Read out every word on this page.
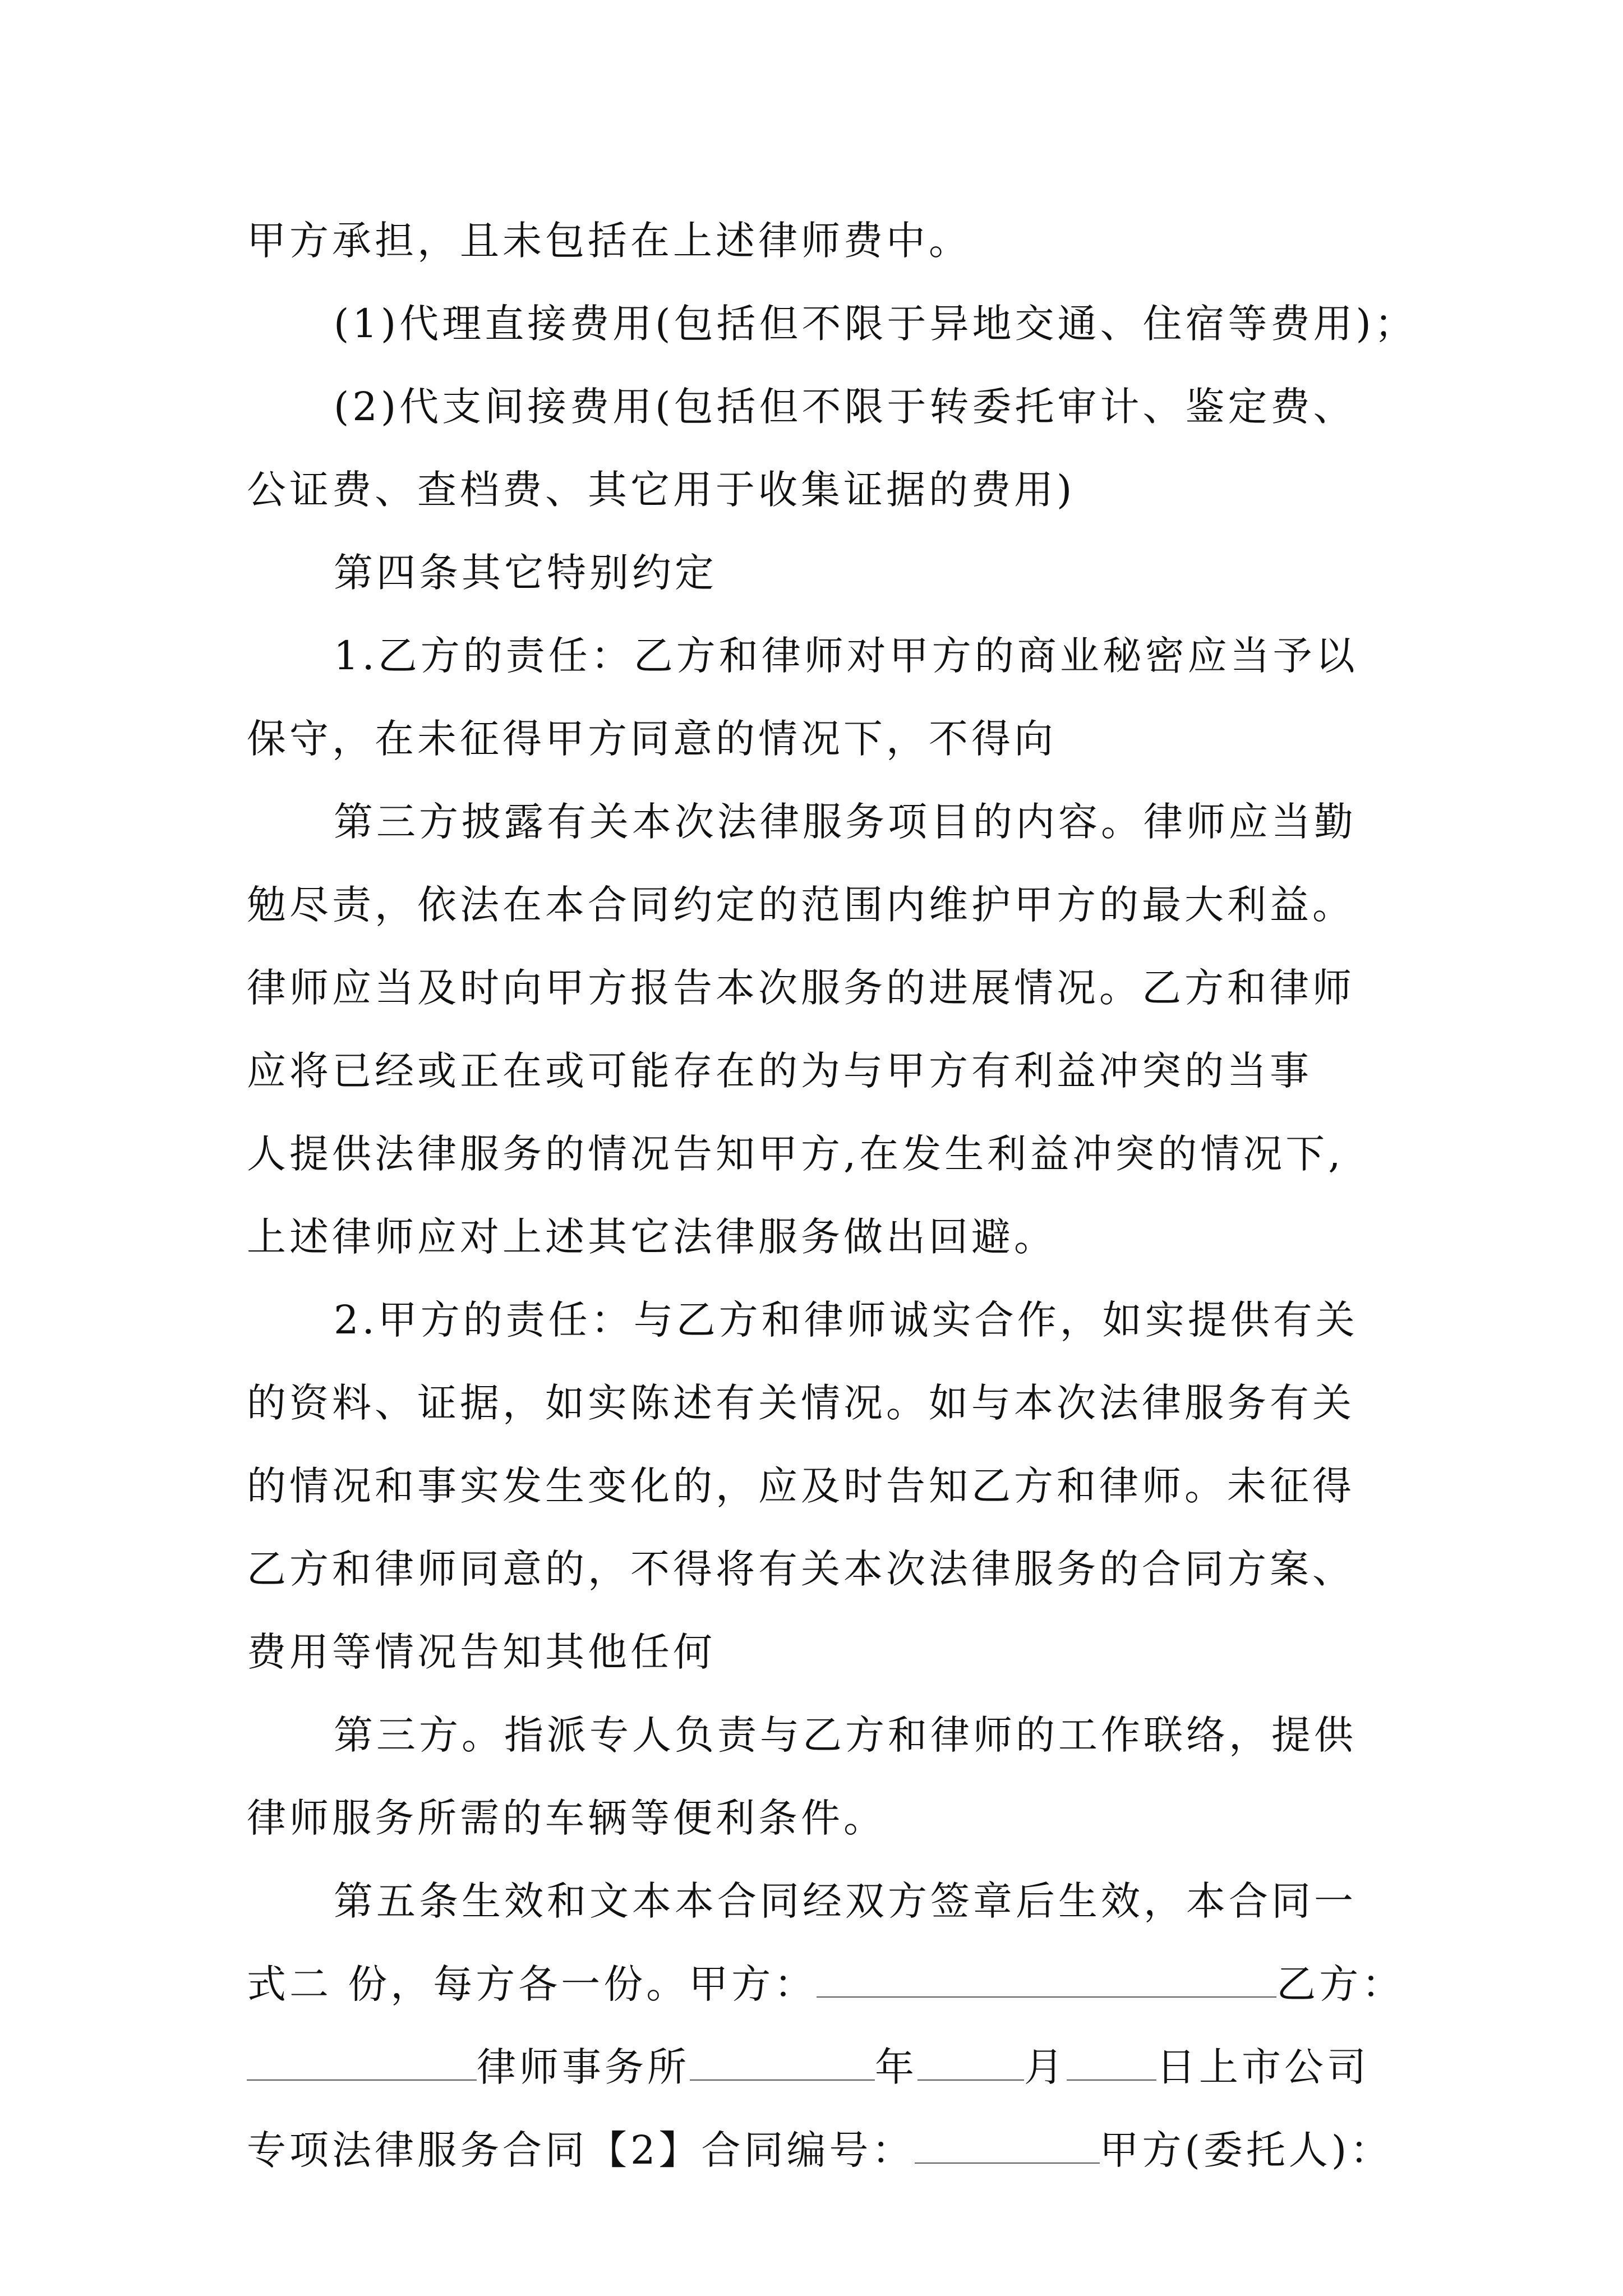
甲方承担，且未包括在上述律师费中。
(1)代理直接费用(包括但不限于异地交通、住宿等费用)；
(2)代支间接费用(包括但不限于转委托审计、鉴定费、
公证费、查档费、其它用于收集证据的费用)
第四条其它特别约定
1.乙方的责任：乙方和律师对甲方的商业秘密应当予以
保守，在未征得甲方同意的情况下，不得向
第三方披露有关本次法律服务项目的内容。律师应当勤
勉尽责，依法在本合同约定的范围内维护甲方的最大利益。
律师应当及时向甲方报告本次服务的进展情况。乙方和律师
应将已经或正在或可能存在的为与甲方有利益冲突的当事
人提供法律服务的情况告知甲方,在发生利益冲突的情况下,
上述律师应对上述其它法律服务做出回避。
2.甲方的责任：与乙方和律师诚实合作，如实提供有关
的资料、证据，如实陈述有关情况。如与本次法律服务有关
的情况和事实发生变化的，应及时告知乙方和律师。未征得
乙方和律师同意的，不得将有关本次法律服务的合同方案、
费用等情况告知其他任何
第三方。指派专人负责与乙方和律师的工作联络，提供
律师服务所需的车辆等便利条件。
第五条生效和文本本合同经双方签章后生效，本合同一
式二 份，每方各一份。甲方：	乙方：
律师事务所	年	月 日上市公司
专项法律服务合同【2】合同编号：	甲方(委托人)：
